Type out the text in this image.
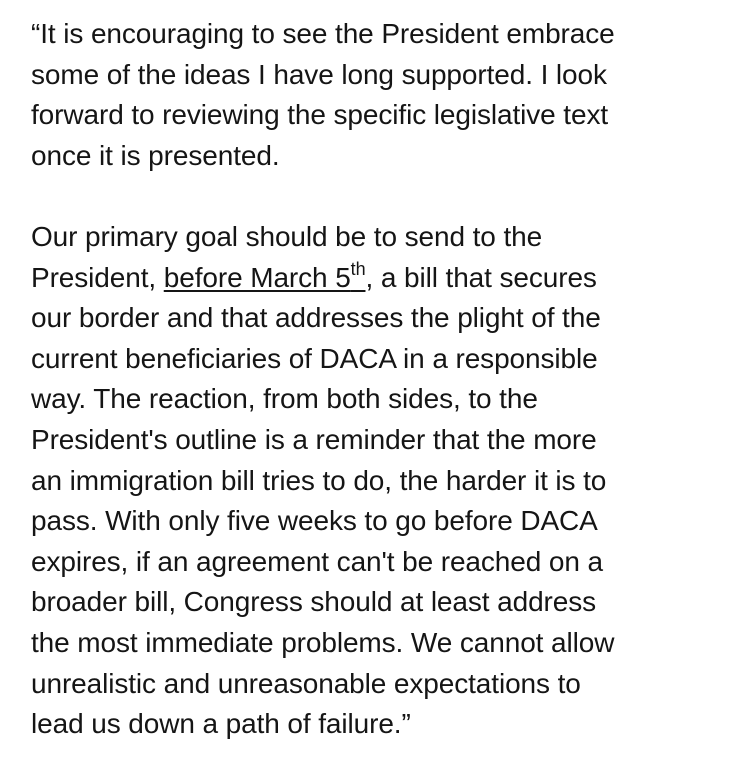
“It is encouraging to see the President embrace
some of the ideas I have long supported. I look
forward to reviewing the specific legislative text
once it is presented.
Our primary goal should be to send to the
President, before March 5th, a bill that secures
our border and that addresses the plight of the
current beneficiaries of DACA in a responsible
way. The reaction, from both sides, to the
President's outline is a reminder that the more
an immigration bill tries to do, the harder it is to
pass. With only five weeks to go before DACA
expires, if an agreement can't be reached on a
broader bill, Congress should at least address
the most immediate problems. We cannot allow
unrealistic and unreasonable expectations to
lead us down a path of failure.”
